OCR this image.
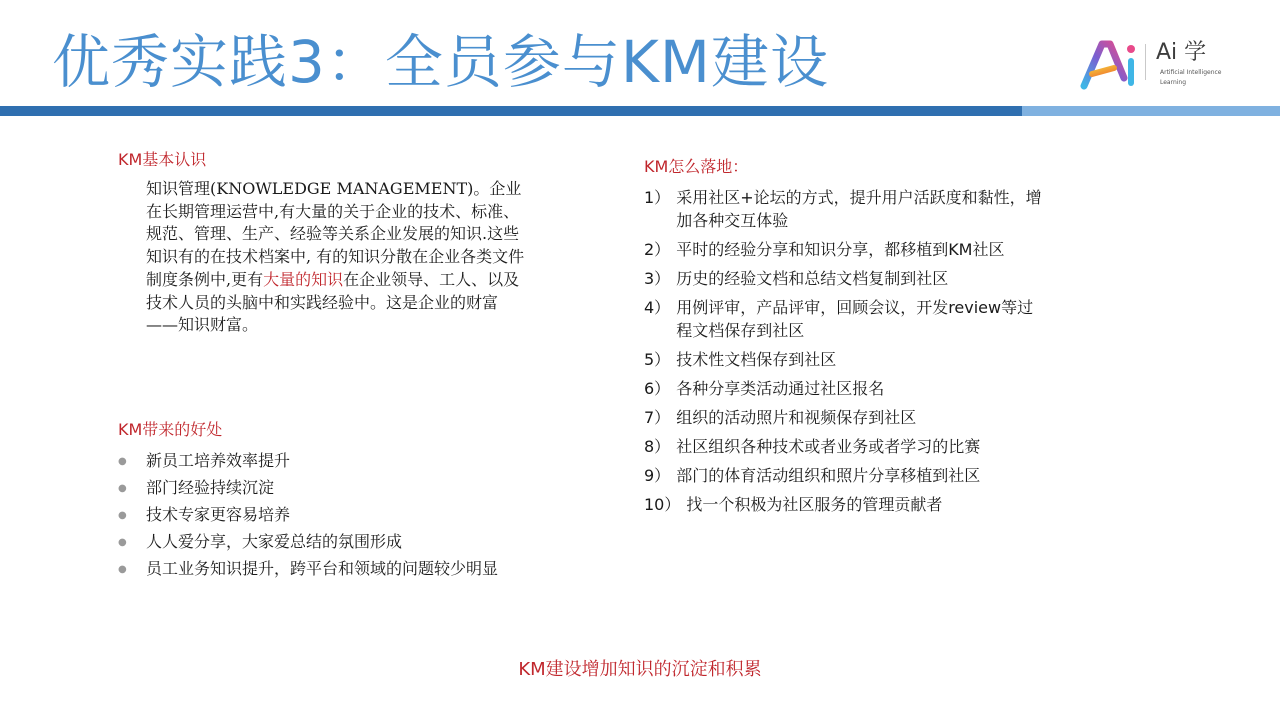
优秀实践3：全员参与KM建设	Ai 学
Artificial Intelligence
Learning
KM基本认识
知识管理(KNOWLEDGE MANAGEMENT)。企业在长期管理运营中,有大量的关于企业的技术、标准、规范、管理、生产、经验等关系企业发展的知识.这些知识有的在技术档案中, 有的知识分散在企业各类文件制度条例中,更有大量的知识在企业领导、工人、以及技术人员的头脑中和实践经验中。这是企业的财富——知识财富。
KM带来的好处
● 新员工培养效率提升
● 部门经验持续沉淀
● 技术专家更容易培养
● 人人爱分享，大家爱总结的氛围形成
● 员工业务知识提升，跨平台和领域的问题较少明显
KM怎么落地：
1） 采用社区+论坛的方式，提升用户活跃度和黏性，增加各种交互体验
2） 平时的经验分享和知识分享，都移植到KM社区
3） 历史的经验文档和总结文档复制到社区
4） 用例评审，产品评审，回顾会议，开发review等过程文档保存到社区
5） 技术性文档保存到社区
6） 各种分享类活动通过社区报名
7） 组织的活动照片和视频保存到社区
8） 社区组织各种技术或者业务或者学习的比赛
9） 部门的体育活动组织和照片分享移植到社区
10） 找一个积极为社区服务的管理贡献者
KM建设增加知识的沉淀和积累
